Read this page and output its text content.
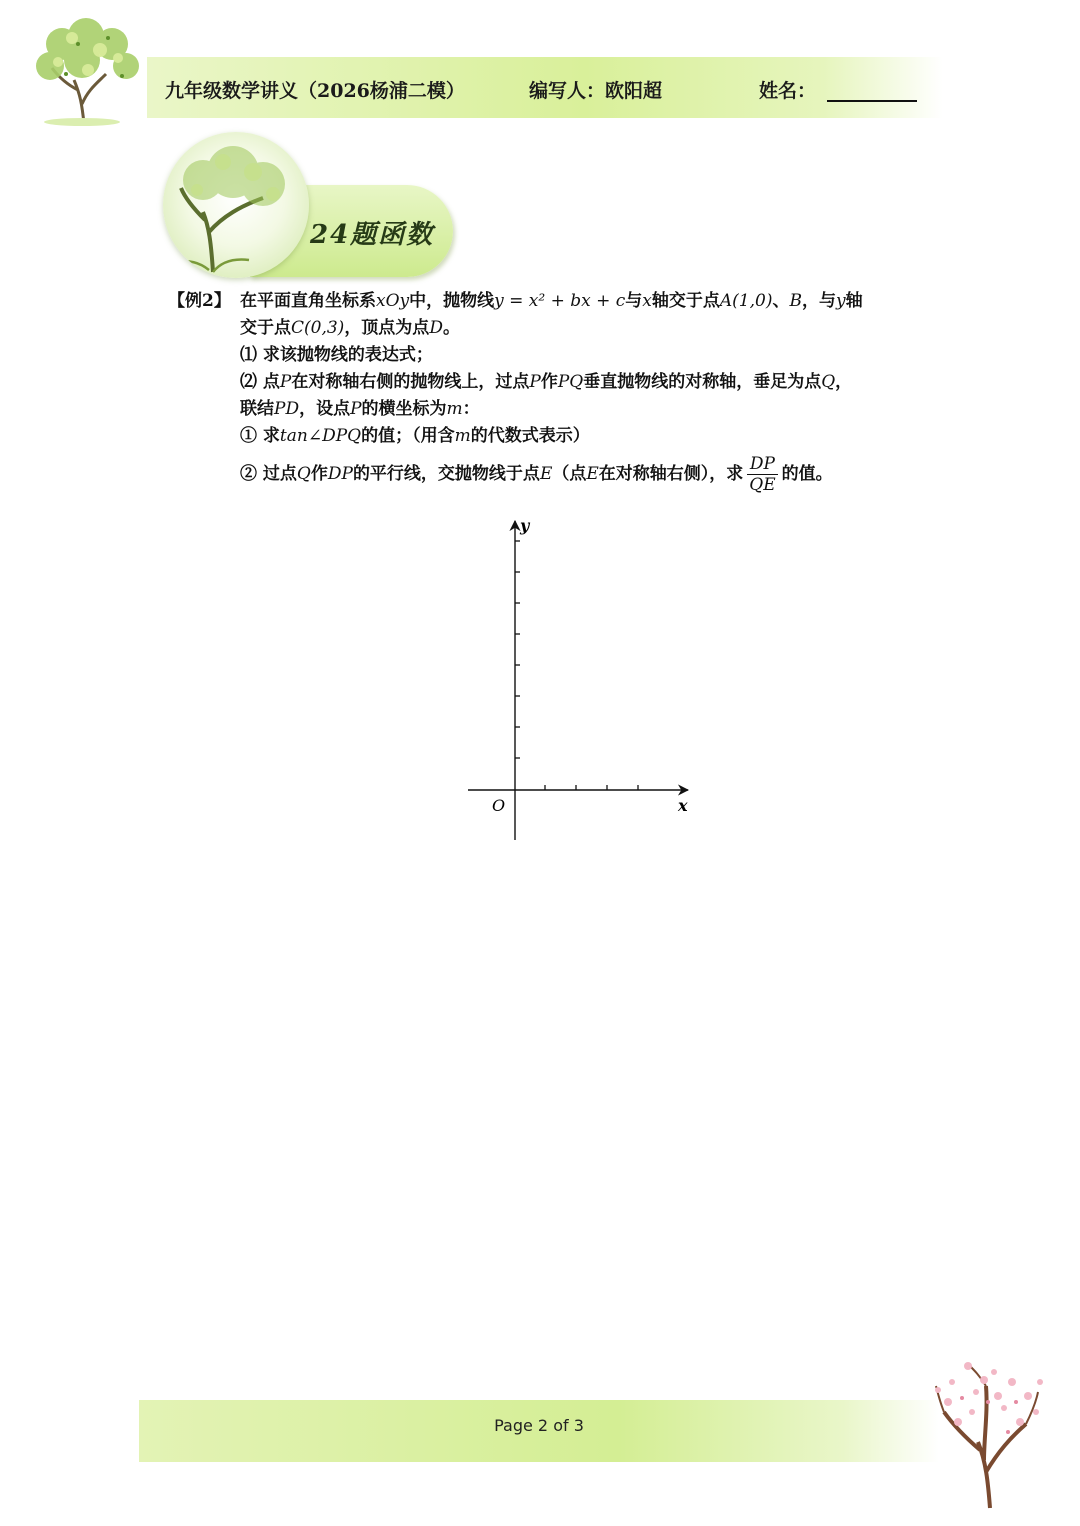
九年级数学讲义（2026杨浦二模）	编写人：欧阳超	姓名：
24题函数
【例2】 在平面直角坐标系xOy中，抛物线y = x² + bx + c与x轴交于点A(1,0)、B，与y轴
交于点C(0,3)，顶点为点D。
⑴ 求该抛物线的表达式；
⑵ 点P在对称轴右侧的抛物线上，过点P作PQ垂直抛物线的对称轴，垂足为点Q，
联结PD，设点P的横坐标为m：
① 求tan∠DPQ的值；（用含m的代数式表示）
② 过点Q作DP的平行线，交抛物线于点E（点E在对称轴右侧），求 $\frac{DP}{QE}$ 的值。
y
x
O
Page 2 of 3
